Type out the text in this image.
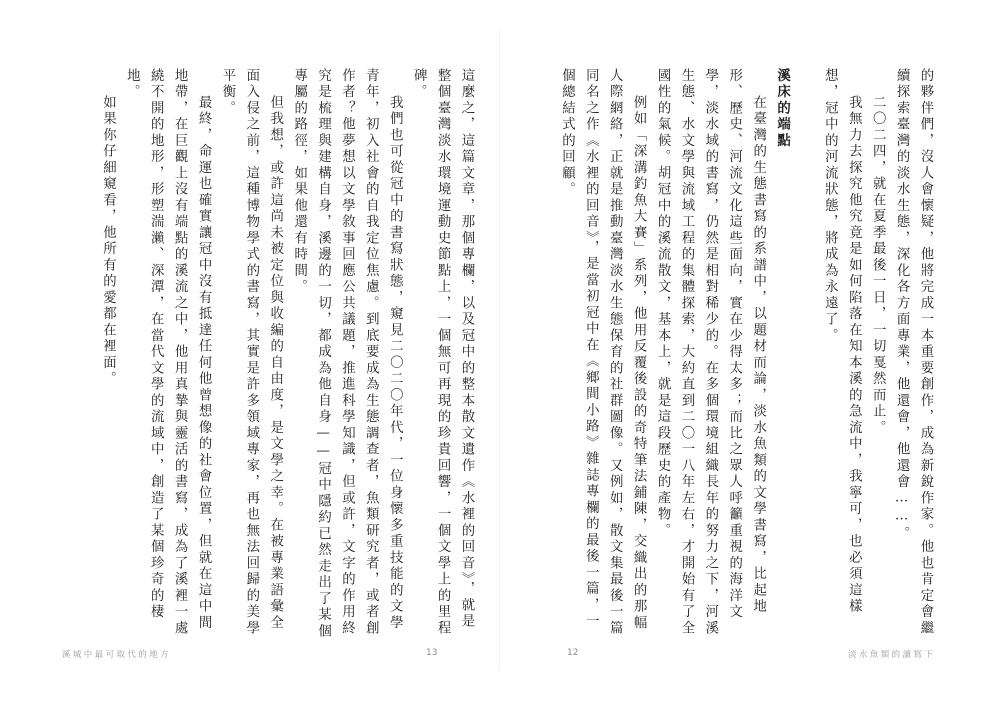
的夥伴們，沒人會懷疑，他將完成一本重要創作，成為新銳作家。他也肯定會繼續探索臺灣的淡水生態，深化各方面專業，他還會，他還會……。

二〇二四，就在夏季最後一日，一切戛然而止。

我無力去探究他究竟是如何陷落在知本溪的急流中，我寧可，也必須這樣想，冠中的河流狀態，將成為永遠了。

溪床的端點

在臺灣的生態書寫的系譜中，以題材而論，淡水魚類的文學書寫，比起地形、歷史、河流文化這些面向，實在少得太多；而比之眾人呼籲重視的海洋文學，淡水域的書寫，仍然是相對稀少的。在多個環境組織長年的努力之下，河溪生態、水文學與流域工程的集體探索，大約直到二〇一八年左右，才開始有了全國性的氣候。胡冠中的溪流散文，基本上，就是這段歷史的產物。

例如「深溝釣魚大賽」系列，他用反覆後設的奇特筆法鋪陳，交織出的那幅人際網絡，正就是推動臺灣淡水生態保育的社群圖像。又例如，散文集最後一篇同名之作《水裡的回音》，是當初冠中在《鄉間小路》雜誌專欄的最後一篇，一個總結式的回顧。

這麼之，這篇文章，那個專欄，以及冠中的整本散文遺作《水裡的回音》，就是整個臺灣淡水環境運動史節點上，一個無可再現的珍貴回響，一個文學上的里程碑。

我們也可從冠中的書寫狀態，窺見二〇二〇年代，一位身懷多重技能的文學青年，初入社會的自我定位焦慮。到底要成為生態調查者，魚類研究者，或者創作者？他夢想以文學敘事回應公共議題，推進科學知識，但或許，文字的作用終究是梳理與建構自身，溪邊的一切，都成為他自身——冠中隱約已然走出了某個專屬的路徑，如果他還有時間。

但我想，或許這尚未被定位與收編的自由度，是文學之幸。在被專業語彙全面入侵之前，這種博物學式的書寫，其實是許多領域專家，再也無法回歸的美學平衡。

最終，命運也確實讓冠中沒有抵達任何他曾想像的社會位置，但就在這中間地帶，在巨觀上沒有端點的溪流之中，他用真摯與靈活的書寫，成為了溪裡一處繞不開的地形，形塑湍瀨、深潭，在當代文學的流域中，創造了某個珍奇的棲地。

如果你仔細窺看，他所有的愛都在裡面。

溪城中最可取代的地方	13	12	淡水魚類的讀寫下
